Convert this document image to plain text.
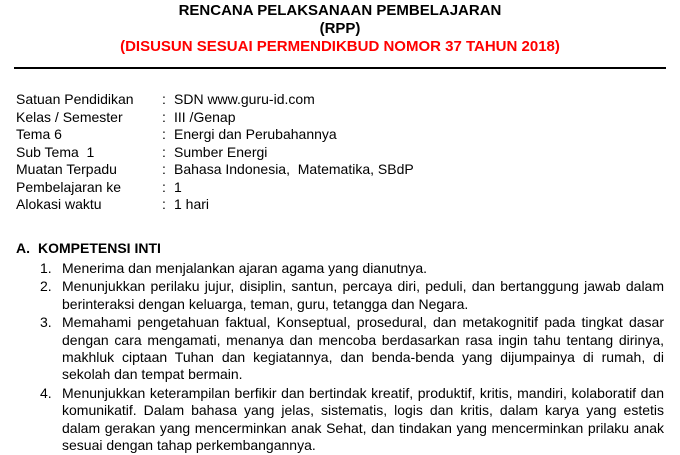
RENCANA PELAKSANAAN PEMBELAJARAN
(RPP)
(DISUSUN SESUAI PERMENDIKBUD NOMOR 37 TAHUN 2018)
Satuan Pendidikan	: SDN www.guru-id.com
Kelas / Semester	: III /Genap
Tema 6	: Energi dan Perubahannya
Sub Tema  1	: Sumber Energi
Muatan Terpadu	: Bahasa Indonesia,  Matematika, SBdP
Pembelajaran ke	: 1
Alokasi waktu	: 1 hari
A. KOMPETENSI INTI
1. Menerima dan menjalankan ajaran agama yang dianutnya.
2. Menunjukkan perilaku jujur, disiplin, santun, percaya diri, peduli, dan bertanggung jawab dalam berinteraksi dengan keluarga, teman, guru, tetangga dan Negara.
3. Memahami pengetahuan faktual, Konseptual, prosedural, dan metakognitif pada tingkat dasar dengan cara mengamati, menanya dan mencoba berdasarkan rasa ingin tahu tentang dirinya, makhluk ciptaan Tuhan dan kegiatannya, dan benda-benda yang dijumpainya di rumah, di sekolah dan tempat bermain.
4. Menunjukkan keterampilan berfikir dan bertindak kreatif, produktif, kritis, mandiri, kolaboratif dan komunikatif. Dalam bahasa yang jelas, sistematis, logis dan kritis, dalam karya yang estetis dalam gerakan yang mencerminkan anak Sehat, dan tindakan yang mencerminkan prilaku anak sesuai dengan tahap perkembangannya.
